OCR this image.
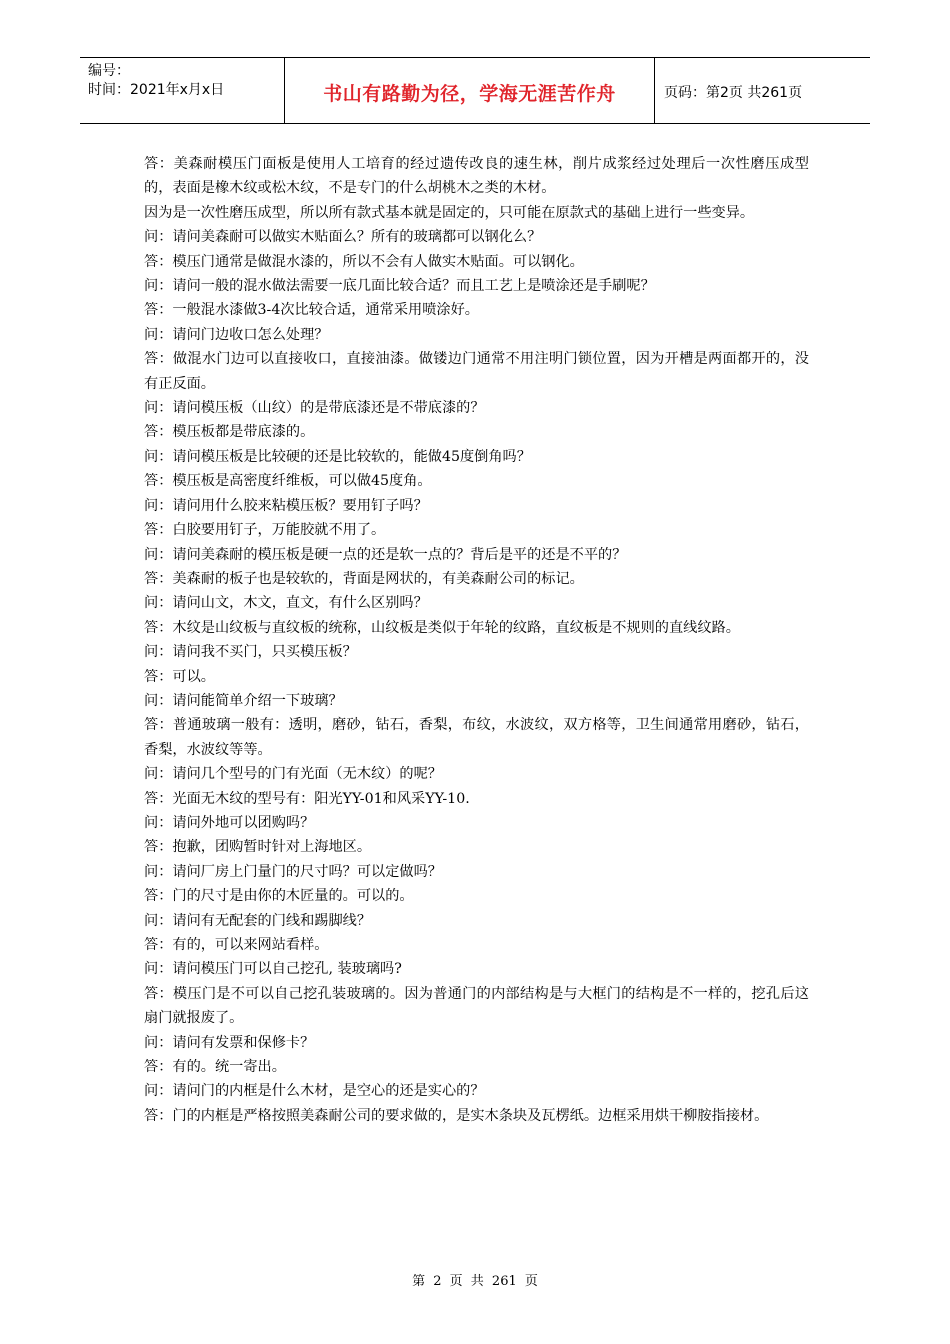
编号：
时间：2021年x月x日	书山有路勤为径，学海无涯苦作舟	页码：第2页 共261页

答：美森耐模压门面板是使用人工培育的经过遗传改良的速生林，削片成浆经过处理后一次性磨压成型的，表面是橡木纹或松木纹，不是专门的什么胡桃木之类的木材。

因为是一次性磨压成型，所以所有款式基本就是固定的，只可能在原款式的基础上进行一些变异。

问：请问美森耐可以做实木贴面么？所有的玻璃都可以钢化么？

答：模压门通常是做混水漆的，所以不会有人做实木贴面。可以钢化。

问：请问一般的混水做法需要一底几面比较合适？而且工艺上是喷涂还是手刷呢？

答：一般混水漆做3-4次比较合适，通常采用喷涂好。

问：请问门边收口怎么处理？

答：做混水门边可以直接收口，直接油漆。做镂边门通常不用注明门锁位置，因为开槽是两面都开的，没有正反面。

问：请问模压板（山纹）的是带底漆还是不带底漆的？

答：模压板都是带底漆的。

问：请问模压板是比较硬的还是比较软的，能做45度倒角吗？

答：模压板是高密度纤维板，可以做45度角。

问：请问用什么胶来粘模压板？要用钉子吗？

答：白胶要用钉子，万能胶就不用了。

问：请问美森耐的模压板是硬一点的还是软一点的？背后是平的还是不平的？

答：美森耐的板子也是较软的，背面是网状的，有美森耐公司的标记。

问：请问山文，木文，直文，有什么区别吗？

答：木纹是山纹板与直纹板的统称，山纹板是类似于年轮的纹路，直纹板是不规则的直线纹路。

问：请问我不买门，只买模压板？

答：可以。

问：请问能简单介绍一下玻璃？

答：普通玻璃一般有：透明，磨砂，钻石，香梨，布纹，水波纹，双方格等，卫生间通常用磨砂，钻石，香梨，水波纹等等。

问：请问几个型号的门有光面（无木纹）的呢？

答：光面无木纹的型号有：阳光YY-01和风采YY-10.

问：请问外地可以团购吗？

答：抱歉，团购暂时针对上海地区。

问：请问厂房上门量门的尺寸吗？可以定做吗？

答：门的尺寸是由你的木匠量的。可以的。

问：请问有无配套的门线和踢脚线？

答：有的，可以来网站看样。

问：请问模压门可以自己挖孔, 装玻璃吗?

答：模压门是不可以自己挖孔装玻璃的。因为普通门的内部结构是与大框门的结构是不一样的，挖孔后这扇门就报废了。

问：请问有发票和保修卡？

答：有的。统一寄出。

问：请问门的内框是什么木材，是空心的还是实心的？

答：门的内框是严格按照美森耐公司的要求做的，是实木条块及瓦楞纸。边框采用烘干柳胺指接材。

第 2 页 共 261 页
